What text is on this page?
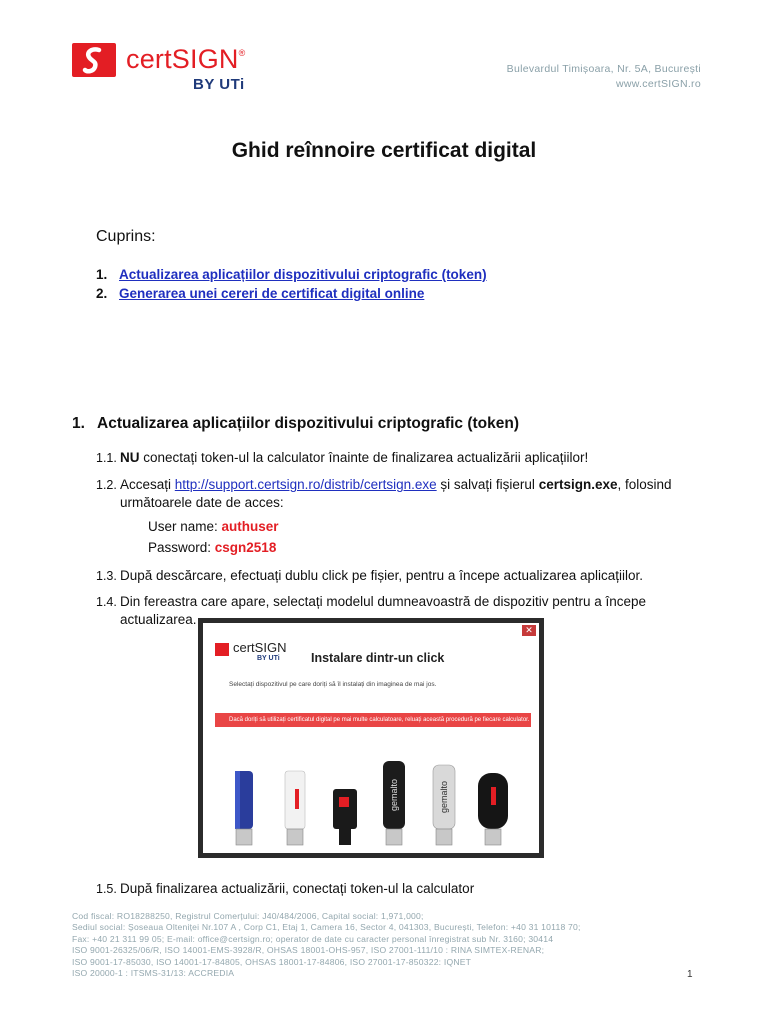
certSIGN®
BY UTi
Bulevardul Timișoara, Nr. 5A, București
www.certSIGN.ro
Ghid reînnoire certificat digital
Cuprins:
1. Actualizarea aplicațiilor dispozitivului criptografic (token)
2. Generarea unei cereri de certificat digital online
1. Actualizarea aplicațiilor dispozitivului criptografic (token)
1.1. NU conectați token-ul la calculator înainte de finalizarea actualizării aplicațiilor!
1.2. Accesați http://support.certsign.ro/distrib/certsign.exe și salvați fișierul certsign.exe, folosind
următoarele date de acces:
User name: authuser
Password: csgn2518
1.3. După descărcare, efectuați dublu click pe fișier, pentru a începe actualizarea aplicațiilor.
1.4. Din fereastra care apare, selectați modelul dumneavoastră de dispozitiv pentru a începe actualizarea.
✕
certSIGN
BY UTi	Instalare dintr-un click
Selectați dispozitivul pe care doriți să îl instalați din imaginea de mai jos.
Dacă doriți să utilizați certificatul digital pe mai multe calculatoare, reluați această procedură pe fiecare calculator.
gemalto	gemalto
1.5. După finalizarea actualizării, conectați token-ul la calculator
Cod fiscal: RO18288250, Registrul Comerțului: J40/484/2006, Capital social: 1,971,000;
Sediul social: Șoseaua Olteniței Nr.107 A , Corp C1, Etaj 1, Camera 16, Sector 4, 041303, București, Telefon: +40 31 10118 70;
Fax: +40 21 311 99 05; E-mail: office@certsign.ro; operator de date cu caracter personal înregistrat sub Nr. 3160; 30414
ISO 9001-26325/06/R, ISO 14001-EMS-3928/R, OHSAS 18001-OHS-957, ISO 27001-111/10 : RINA SIMTEX-RENAR;
ISO 9001-17-85030, ISO 14001-17-84805, OHSAS 18001-17-84806, ISO 27001-17-850322: IQNET
ISO 20000-1 : ITSMS-31/13: ACCREDIA	1
